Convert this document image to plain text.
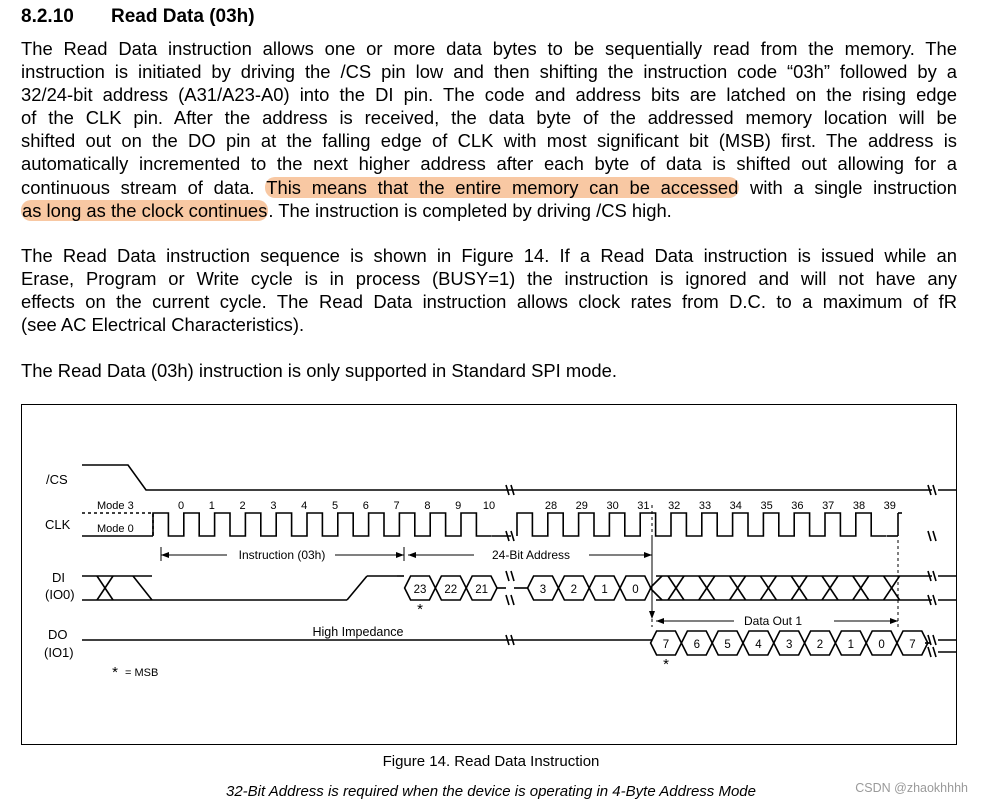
8.2.10 Read Data (03h)
The Read Data instruction allows one or more data bytes to be sequentially read from the memory. The
instruction is initiated by driving the /CS pin low and then shifting the instruction code “03h” followed by a
32/24-bit address (A31/A23-A0) into the DI pin. The code and address bits are latched on the rising edge
of the CLK pin. After the address is received, the data byte of the addressed memory location will be
shifted out on the DO pin at the falling edge of CLK with most significant bit (MSB) first. The address is
automatically incremented to the next higher address after each byte of data is shifted out allowing for a
continuous stream of data. This means that the entire memory can be accessed with a single instruction
as long as the clock continues. The instruction is completed by driving /CS high.
The Read Data instruction sequence is shown in Figure 14. If a Read Data instruction is issued while an
Erase, Program or Write cycle is in process (BUSY=1) the instruction is ignored and will not have any
effects on the current cycle. The Read Data instruction allows clock rates from D.C. to a maximum of fR
(see AC Electrical Characteristics).
The Read Data (03h) instruction is only supported in Standard SPI mode.
/CS
CLK
DI
(IO0)
DO
(IO1)
Mode 3
Mode 0
0 1 2 3 4 5 6 7 8 9 10	28 29 30 31 32 33 34 35 36 37 38 39
23 22 21	3 2 1 0
7 6 5 4 3 2 1 0 7
Instruction (03h)	24-Bit Address
Data Out 1
High Impedance
*
*
* = MSB
Figure 14. Read Data Instruction
32-Bit Address is required when the device is operating in 4-Byte Address Mode	CSDN @zhaokhhhh
